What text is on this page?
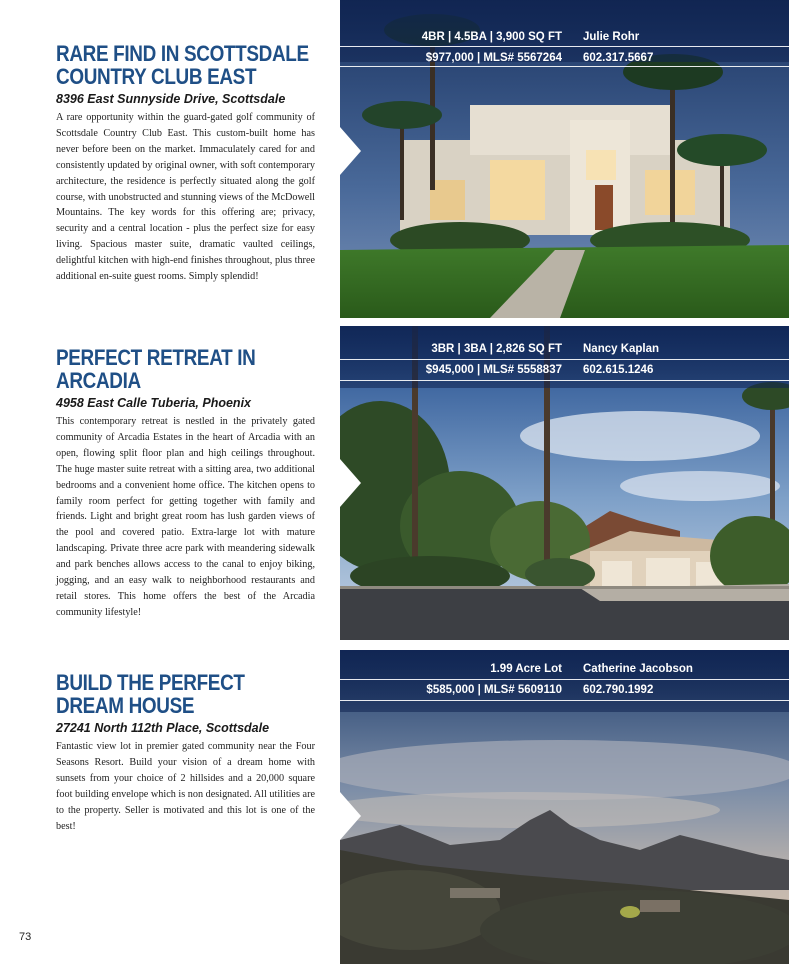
RARE FIND IN SCOTTSDALE COUNTRY CLUB EAST
8396 East Sunnyside Drive, Scottsdale

A rare opportunity within the guard-gated golf community of Scottsdale Country Club East. This custom-built home has never before been on the market. Immaculately cared for and consistently updated by original owner, with soft contemporary architecture, the residence is perfectly situated along the golf course, with unobstructed and stunning views of the McDowell Mountains. The key words for this offering are; privacy, security and a central location - plus the perfect size for easy living. Spacious master suite, dramatic vaulted ceilings, delightful kitchen with high-end finishes throughout, plus three additional en-suite guest rooms. Simply splendid!

PERFECT RETREAT IN ARCADIA
4958 East Calle Tuberia, Phoenix

This contemporary retreat is nestled in the privately gated community of Arcadia Estates in the heart of Arcadia with an open, flowing split floor plan and high ceilings throughout. The huge master suite retreat with a sitting area, two additional bedrooms and a convenient home office. The kitchen opens to family room perfect for getting together with family and friends. Light and bright great room has lush garden views of the pool and covered patio. Extra-large lot with mature landscaping. Private three acre park with meandering sidewalk and park benches allows access to the canal to enjoy biking, jogging, and an easy walk to neighborhood restaurants and retail stores. This home offers the best of the Arcadia community lifestyle!

BUILD THE PERFECT DREAM HOUSE
27241 North 112th Place, Scottsdale

Fantastic view lot in premier gated community near the Four Seasons Resort. Build your vision of a dream home with sunsets from your choice of 2 hillsides and a 20,000 square foot building envelope which is non designated. All utilities are to the property. Seller is motivated and this lot is one of the best!

4BR | 4.5BA | 3,900 SQ FT Julie Rohr
$977,000 | MLS# 5567264 602.317.5667
3BR | 3BA | 2,826 SQ FT Nancy Kaplan
$945,000 | MLS# 5558837 602.615.1246
1.99 Acre Lot Catherine Jacobson
$585,000 | MLS# 5609110 602.790.1992
73
